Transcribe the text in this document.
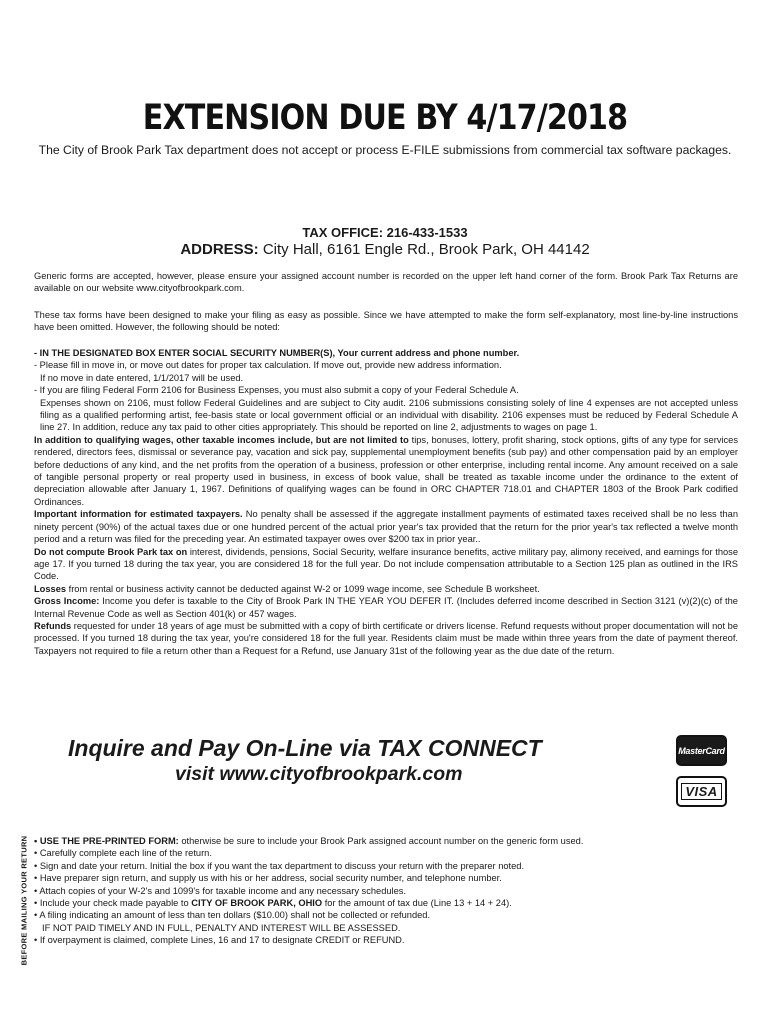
EXTENSION DUE BY 4/17/2018
The City of Brook Park Tax department does not accept or process E-FILE submissions from commercial tax software packages.
TAX OFFICE: 216-433-1533
ADDRESS: City Hall, 6161 Engle Rd., Brook Park, OH 44142
Generic forms are accepted, however, please ensure your assigned account number is recorded on the upper left hand corner of the form. Brook Park Tax Returns are available on our website www.cityofbrookpark.com.
These tax forms have been designed to make your filing as easy as possible. Since we have attempted to make the form self-explanatory, most line-by-line instructions have been omitted. However, the following should be noted:
- IN THE DESIGNATED BOX ENTER SOCIAL SECURITY NUMBER(S), Your current address and phone number.
- Please fill in move in, or move out dates for proper tax calculation. If move out, provide new address information.
If no move in date entered, 1/1/2017 will be used.
- If you are filing Federal Form 2106 for Business Expenses, you must also submit a copy of your Federal Schedule A.
Expenses shown on 2106, must follow Federal Guidelines and are subject to City audit. 2106 submissions consisting solely of line 4 expenses are not accepted unless filing as a qualified performing artist, fee-basis state or local government official or an individual with disability. 2106 expenses must be reduced by Federal Schedule A line 27. In addition, reduce any tax paid to other cities appropriately. This should be reported on line 2, adjustments to wages on page 1.
In addition to qualifying wages, other taxable incomes include, but are not limited to tips, bonuses, lottery, profit sharing, stock options, gifts of any type for services rendered, directors fees, dismissal or severance pay, vacation and sick pay, supplemental unemployment benefits (sub pay) and other compensation paid by an employer before deductions of any kind, and the net profits from the operation of a business, profession or other enterprise, including rental income. Any amount received on a sale of tangible personal property or real property used in business, in excess of book value, shall be treated as taxable income under the ordinance to the extent of depreciation allowable after January 1, 1967. Definitions of qualifying wages can be found in ORC CHAPTER 718.01 and CHAPTER 1803 of the Brook Park codified Ordinances.
Important information for estimated taxpayers. No penalty shall be assessed if the aggregate installment payments of estimated taxes received shall be no less than ninety percent (90%) of the actual taxes due or one hundred percent of the actual prior year's tax provided that the return for the prior year's tax reflected a twelve month period and a return was filed for the preceding year. An estimated taxpayer owes over $200 tax in prior year..
Do not compute Brook Park tax on interest, dividends, pensions, Social Security, welfare insurance benefits, active military pay, alimony received, and earnings for those age 17. If you turned 18 during the tax year, you are considered 18 for the full year. Do not include compensation attributable to a Section 125 plan as outlined in the IRS Code.
Losses from rental or business activity cannot be deducted against W-2 or 1099 wage income, see Schedule B worksheet.
Gross Income: Income you defer is taxable to the City of Brook Park IN THE YEAR YOU DEFER IT. (Includes deferred income described in Section 3121 (v)(2)(c) of the Internal Revenue Code as well as Section 401(k) or 457 wages.
Refunds requested for under 18 years of age must be submitted with a copy of birth certificate or drivers license. Refund requests without proper documentation will not be processed. If you turned 18 during the tax year, you're considered 18 for the full year. Residents claim must be made within three years from the date of payment thereof. Taxpayers not required to file a return other than a Request for a Refund, use January 31st of the following year as the due date of the return.
Inquire and Pay On-Line via TAX CONNECT
visit www.cityofbrookpark.com
MasterCard
VISA
BEFORE MAILING YOUR RETURN • USE THE PRE-PRINTED FORM: otherwise be sure to include your Brook Park assigned account number on the generic form used.
• Carefully complete each line of the return.
• Sign and date your return. Initial the box if you want the tax department to discuss your return with the preparer noted.
• Have preparer sign return, and supply us with his or her address, social security number, and telephone number.
• Attach copies of your W-2's and 1099's for taxable income and any necessary schedules.
• Include your check made payable to CITY OF BROOK PARK, OHIO for the amount of tax due (Line 13 + 14 + 24).
• A filing indicating an amount of less than ten dollars ($10.00) shall not be collected or refunded.
IF NOT PAID TIMELY AND IN FULL, PENALTY AND INTEREST WILL BE ASSESSED.
• If overpayment is claimed, complete Lines, 16 and 17 to designate CREDIT or REFUND.
